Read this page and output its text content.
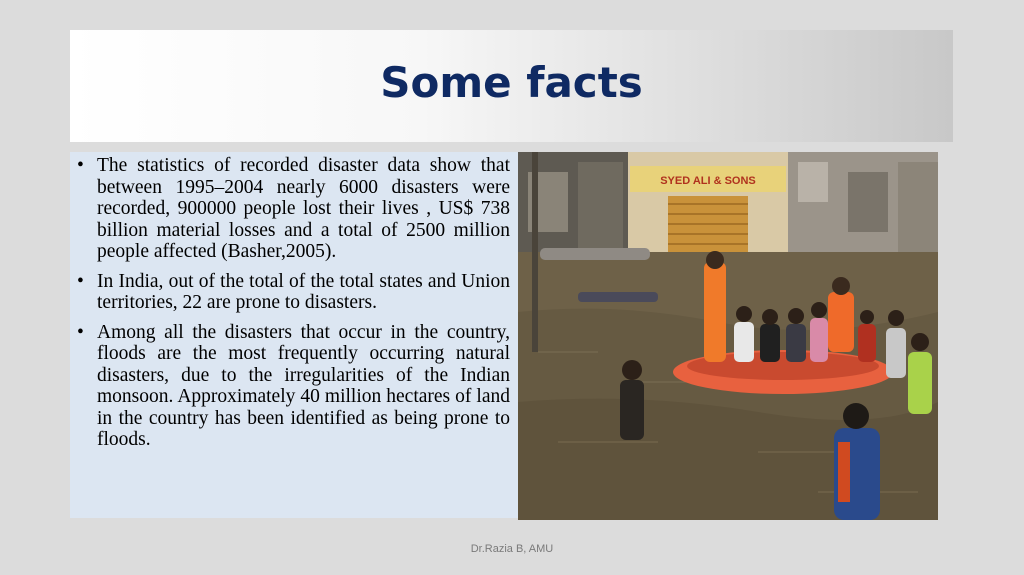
Some facts
• The statistics of recorded disaster data show that between 1995–2004 nearly 6000 disasters were recorded, 900000 people lost their lives , US$ 738 billion material losses and a total of 2500 million people affected (Basher,2005).
• In India, out of the total of the total states and Union territories, 22 are prone to disasters.
• Among all the disasters that occur in the country, floods are the most frequently occurring natural disasters, due to the irregularities of the Indian monsoon. Approximately 40 million hectares of land in the country has been identified as being prone to floods.
SYED ALI & SONS
Dr.Razia B, AMU
